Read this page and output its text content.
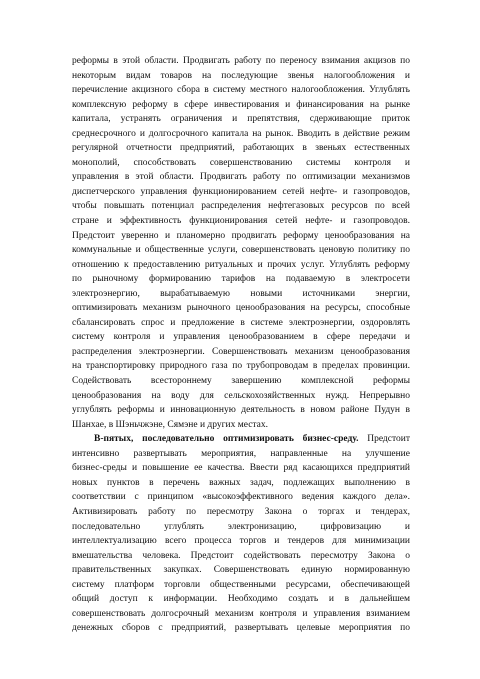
реформы в этой области. Продвигать работу по переносу взимания акцизов по
некоторым видам товаров на последующие звенья налогообложения и
перечисление акцизного сбора в систему местного налогообложения. Углублять
комплексную реформу в сфере инвестирования и финансирования на рынке
капитала, устранять ограничения и препятствия, сдерживающие приток
среднесрочного и долгосрочного капитала на рынок. Вводить в действие режим
регулярной отчетности предприятий, работающих в звеньях естественных
монополий, способствовать совершенствованию системы контроля и
управления в этой области. Продвигать работу по оптимизации механизмов
диспетчерского управления функционированием сетей нефте- и газопроводов,
чтобы повышать потенциал распределения нефтегазовых ресурсов по всей
стране и эффективность функционирования сетей нефте- и газопроводов.
Предстоит уверенно и планомерно продвигать реформу ценообразования на
коммунальные и общественные услуги, совершенствовать ценовую политику по
отношению к предоставлению ритуальных и прочих услуг. Углублять реформу
по рыночному формированию тарифов на подаваемую в электросети
электроэнергию, вырабатываемую новыми источниками энергии,
оптимизировать механизм рыночного ценообразования на ресурсы, способные
сбалансировать спрос и предложение в системе электроэнергии, оздоровлять
систему контроля и управления ценообразованием в сфере передачи и
распределения электроэнергии. Совершенствовать механизм ценообразования
на транспортировку природного газа по трубопроводам в пределах провинции.
Содействовать всестороннему завершению комплексной реформы
ценообразования на воду для сельскохозяйственных нужд. Непрерывно
углублять реформы и инновационную деятельность в новом районе Пудун в
Шанхае, в Шэньчжэне, Сямэне и других местах.
В-пятых, последовательно оптимизировать бизнес-среду. Предстоит
интенсивно развертывать мероприятия, направленные на улучшение
бизнес-среды и повышение ее качества. Ввести ряд касающихся предприятий
новых пунктов в перечень важных задач, подлежащих выполнению в
соответствии с принципом «высокоэффективного ведения каждого дела».
Активизировать работу по пересмотру Закона о торгах и тендерах,
последовательно углублять электронизацию, цифровизацию и
интеллектуализацию всего процесса торгов и тендеров для минимизации
вмешательства человека. Предстоит содействовать пересмотру Закона о
правительственных закупках. Совершенствовать единую нормированную
систему платформ торговли общественными ресурсами, обеспечивающей
общий доступ к информации. Необходимо создать и в дальнейшем
совершенствовать долгосрочный механизм контроля и управления взиманием
денежных сборов с предприятий, развертывать целевые мероприятия по
